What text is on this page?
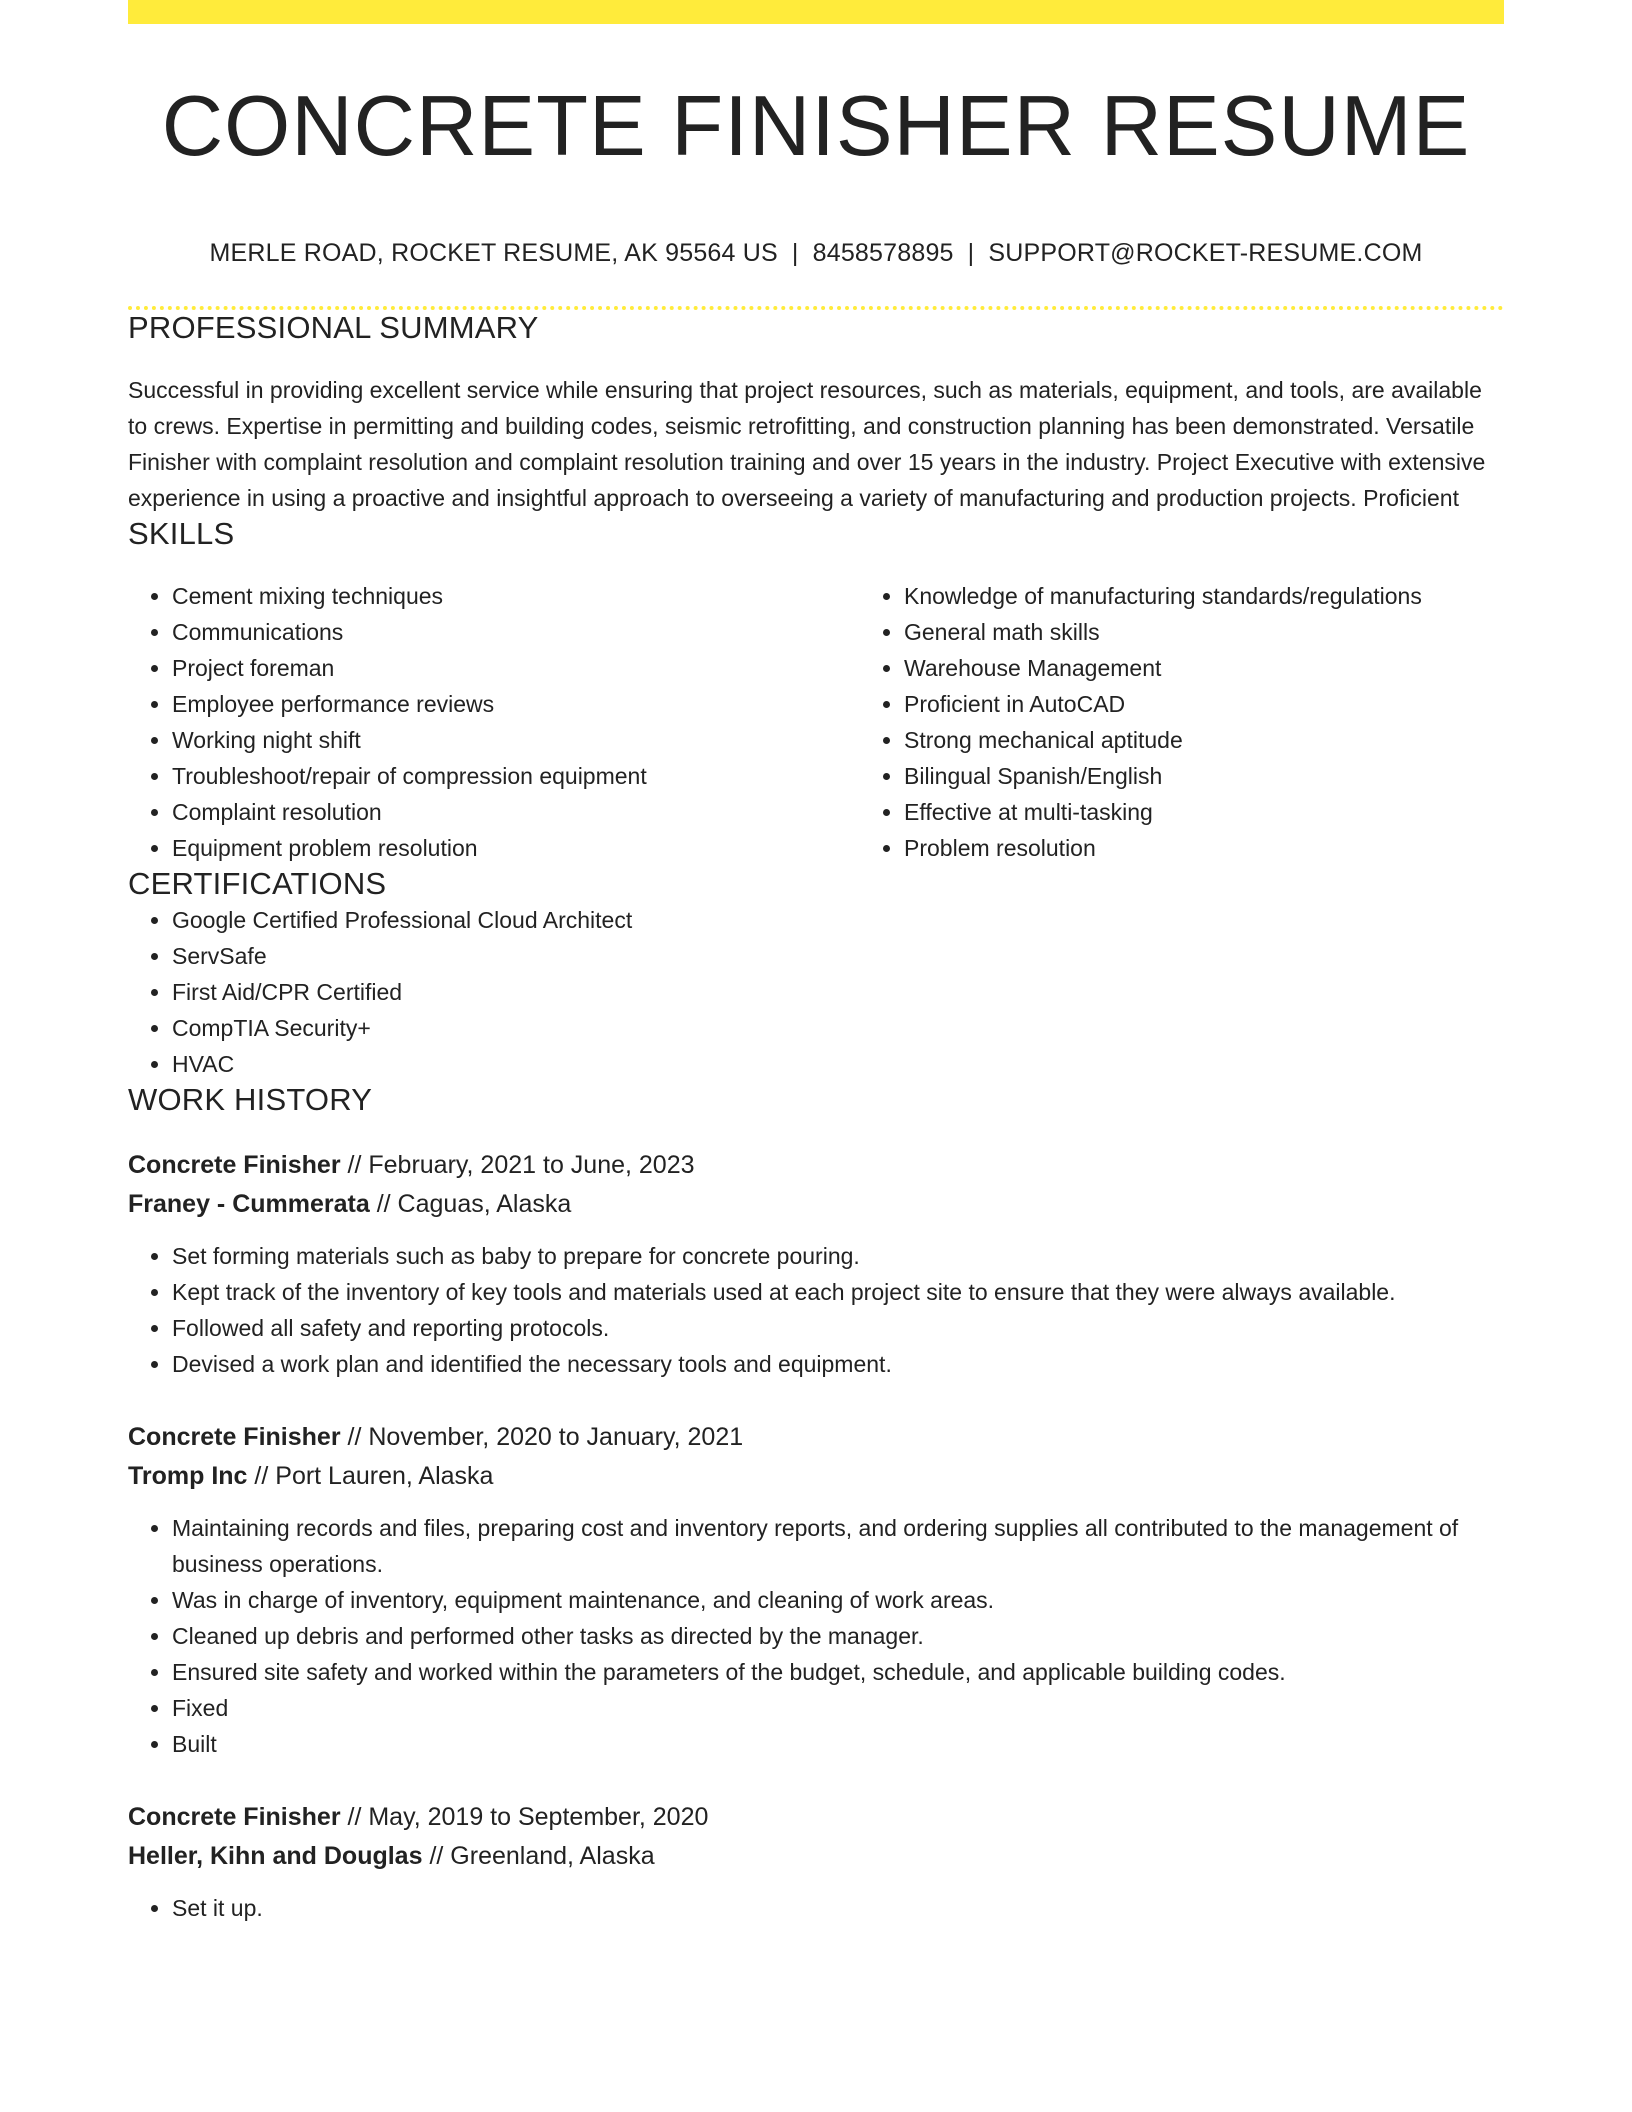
CONCRETE FINISHER RESUME
MERLE ROAD, ROCKET RESUME, AK 95564 US | 8458578895 | SUPPORT@ROCKET-RESUME.COM
PROFESSIONAL SUMMARY
Successful in providing excellent service while ensuring that project resources, such as materials, equipment, and tools, are available to crews. Expertise in permitting and building codes, seismic retrofitting, and construction planning has been demonstrated. Versatile Finisher with complaint resolution and complaint resolution training and over 15 years in the industry. Project Executive with extensive experience in using a proactive and insightful approach to overseeing a variety of manufacturing and production projects. Proficient
SKILLS
• Cement mixing techniques
• Communications
• Project foreman
• Employee performance reviews
• Working night shift
• Troubleshoot/repair of compression equipment
• Complaint resolution
• Equipment problem resolution
• Knowledge of manufacturing standards/regulations
• General math skills
• Warehouse Management
• Proficient in AutoCAD
• Strong mechanical aptitude
• Bilingual Spanish/English
• Effective at multi-tasking
• Problem resolution
CERTIFICATIONS
• Google Certified Professional Cloud Architect
• ServSafe
• First Aid/CPR Certified
• CompTIA Security+
• HVAC
WORK HISTORY
Concrete Finisher // February, 2021 to June, 2023
Franey - Cummerata // Caguas, Alaska
• Set forming materials such as baby to prepare for concrete pouring.
• Kept track of the inventory of key tools and materials used at each project site to ensure that they were always available.
• Followed all safety and reporting protocols.
• Devised a work plan and identified the necessary tools and equipment.
Concrete Finisher // November, 2020 to January, 2021
Tromp Inc // Port Lauren, Alaska
• Maintaining records and files, preparing cost and inventory reports, and ordering supplies all contributed to the management of business operations.
• Was in charge of inventory, equipment maintenance, and cleaning of work areas.
• Cleaned up debris and performed other tasks as directed by the manager.
• Ensured site safety and worked within the parameters of the budget, schedule, and applicable building codes.
• Fixed
• Built
Concrete Finisher // May, 2019 to September, 2020
Heller, Kihn and Douglas // Greenland, Alaska
• Set it up.
